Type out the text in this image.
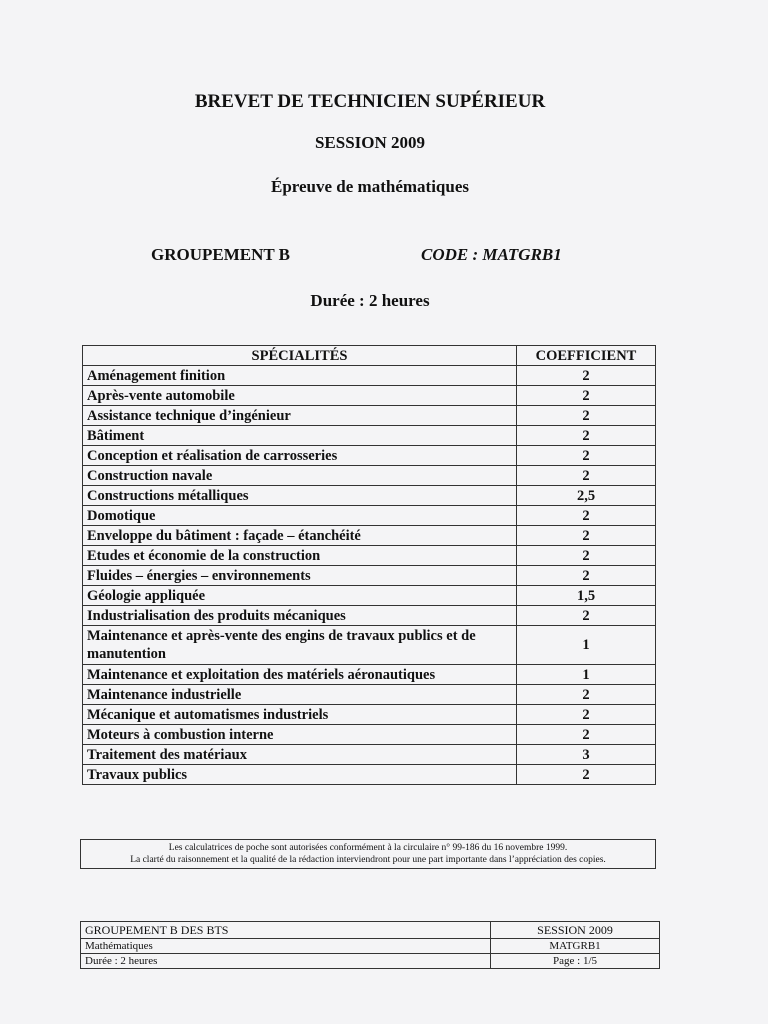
BREVET DE TECHNICIEN SUPÉRIEUR
SESSION 2009
Épreuve de mathématiques
GROUPEMENT B	CODE : MATGRB1
Durée : 2 heures
SPÉCIALITÉS	COEFFICIENT
Aménagement finition	2
Après-vente automobile	2
Assistance technique d’ingénieur	2
Bâtiment	2
Conception et réalisation de carrosseries	2
Construction navale	2
Constructions métalliques	2,5
Domotique	2
Enveloppe du bâtiment : façade – étanchéité	2
Etudes et économie de la construction	2
Fluides – énergies – environnements	2
Géologie appliquée	1,5
Industrialisation des produits mécaniques	2
Maintenance et après-vente des engins de travaux publics et de manutention	1
Maintenance et exploitation des matériels aéronautiques	1
Maintenance industrielle	2
Mécanique et automatismes industriels	2
Moteurs à combustion interne	2
Traitement des matériaux	3
Travaux publics	2
Les calculatrices de poche sont autorisées conformément à la circulaire n° 99-186 du 16 novembre 1999.
La clarté du raisonnement et la qualité de la rédaction interviendront pour une part importante dans l’appréciation des copies.
GROUPEMENT B DES BTS	SESSION 2009
Mathématiques	MATGRB1
Durée : 2 heures	Page : 1/5
